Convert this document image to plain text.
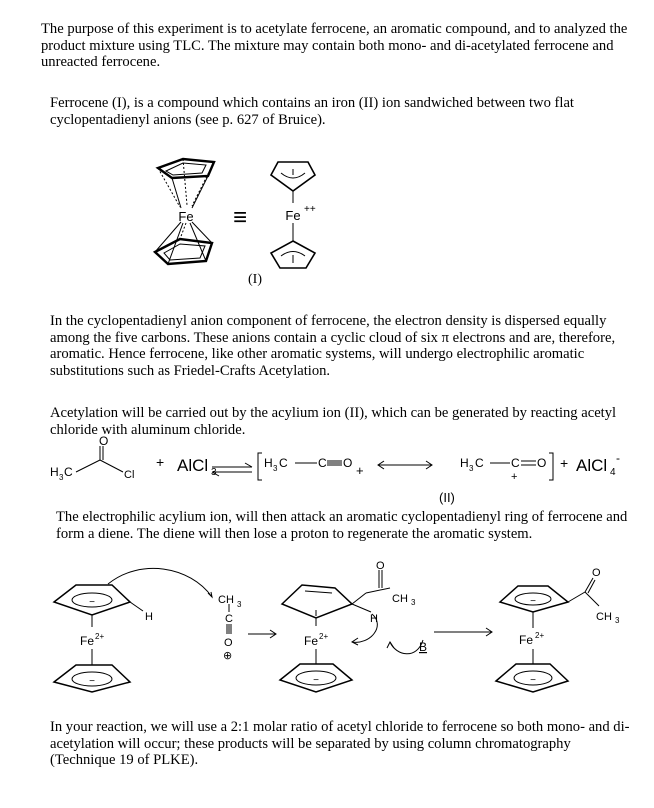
The purpose of this experiment is to acetylate ferrocene, an aromatic compound, and to analyzed the product mixture using TLC. The mixture may contain both mono- and di-acetylated ferrocene and unreacted ferrocene.

Ferrocene (I), is a compound which contains an iron (II) ion sandwiched between two flat cyclopentadienyl anions (see p. 627 of Bruice).

Fe	Fe ++
≡
(I)

In the cyclopentadienyl anion component of ferrocene, the electron density is dispersed equally among the five carbons. These anions contain a cyclic cloud of six π electrons and are, therefore, aromatic. Hence ferrocene, like other aromatic systems, will undergo electrophilic aromatic substitutions such as Friedel-Crafts Acetylation.

Acetylation will be carried out by the acylium ion (II), which can be generated by reacting acetyl chloride with aluminum chloride.

H 3 C
O
Cl
+ AlCl 3
H 3 C	C O +	H 3 C C
+
O + AlCl 4
-
(II)

The electrophilic acylium ion, will then attack an aromatic cyclopentadienyl ring of ferrocene and form a diene. The diene will then lose a proton to regenerate the aromatic system.

−
H
Fe 2+
−
CH 3
C
O
⊕
O
CH 3
H
Fe 2+
−
B
−
O
CH 3
Fe 2+
−

In your reaction, we will use a 2:1 molar ratio of acetyl chloride to ferrocene so both mono- and di-acetylation will occur; these products will be separated by using column chromatography (Technique 19 of PLKE).
